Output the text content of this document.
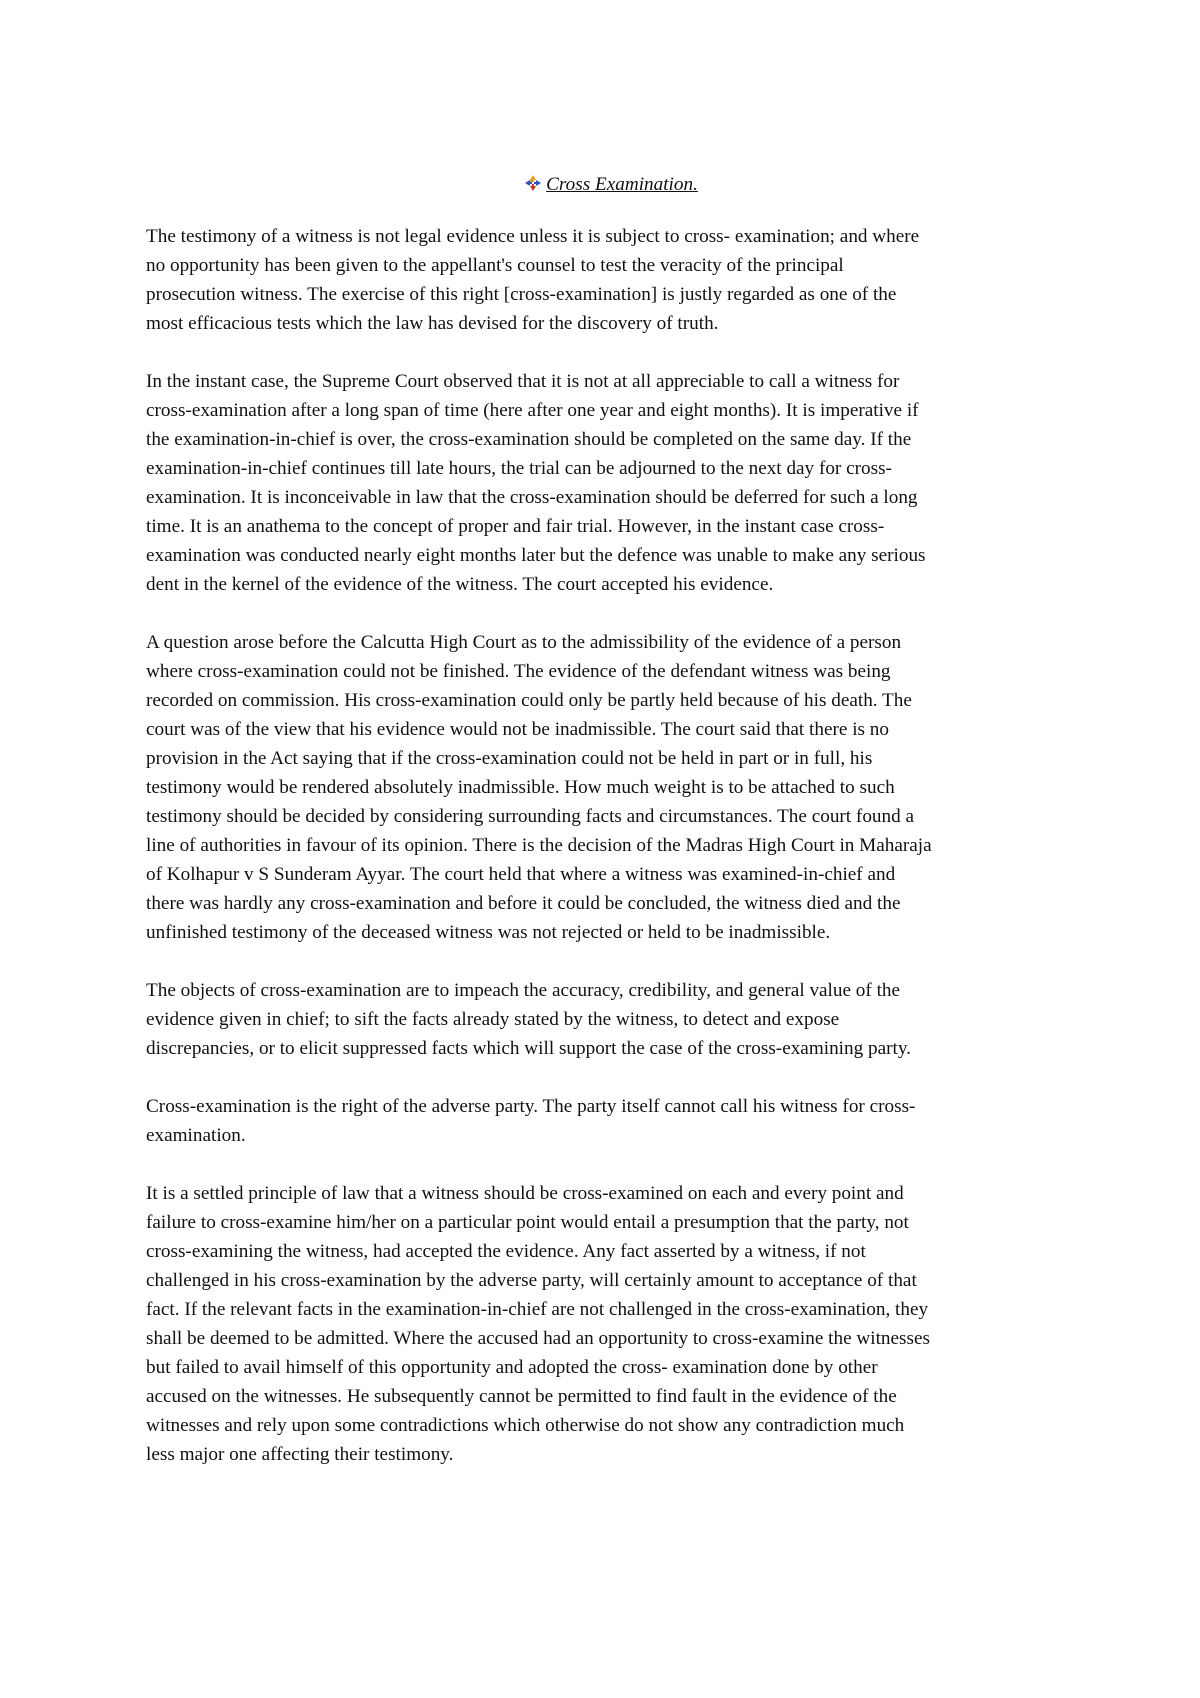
Cross Examination.
The testimony of a witness is not legal evidence unless it is subject to cross- examination; and where
no opportunity has been given to the appellant's counsel to test the veracity of the principal
prosecution witness. The exercise of this right [cross-examination] is justly regarded as one of the
most efficacious tests which the law has devised for the discovery of truth.
In the instant case, the Supreme Court observed that it is not at all appreciable to call a witness for
cross-examination after a long span of time (here after one year and eight months). It is imperative if
the examination-in-chief is over, the cross-examination should be completed on the same day. If the
examination-in-chief continues till late hours, the trial can be adjourned to the next day for cross-
examination. It is inconceivable in law that the cross-examination should be deferred for such a long
time. It is an anathema to the concept of proper and fair trial. However, in the instant case cross-
examination was conducted nearly eight months later but the defence was unable to make any serious
dent in the kernel of the evidence of the witness. The court accepted his evidence.
A question arose before the Calcutta High Court as to the admissibility of the evidence of a person
where cross-examination could not be finished. The evidence of the defendant witness was being
recorded on commission. His cross-examination could only be partly held because of his death. The
court was of the view that his evidence would not be inadmissible. The court said that there is no
provision in the Act saying that if the cross-examination could not be held in part or in full, his
testimony would be rendered absolutely inadmissible. How much weight is to be attached to such
testimony should be decided by considering surrounding facts and circumstances. The court found a
line of authorities in favour of its opinion. There is the decision of the Madras High Court in Maharaja
of Kolhapur v S Sunderam Ayyar. The court held that where a witness was examined-in-chief and
there was hardly any cross-examination and before it could be concluded, the witness died and the
unfinished testimony of the deceased witness was not rejected or held to be inadmissible.
The objects of cross-examination are to impeach the accuracy, credibility, and general value of the
evidence given in chief; to sift the facts already stated by the witness, to detect and expose
discrepancies, or to elicit suppressed facts which will support the case of the cross-examining party.
Cross-examination is the right of the adverse party. The party itself cannot call his witness for cross-
examination.
It is a settled principle of law that a witness should be cross-examined on each and every point and
failure to cross-examine him/her on a particular point would entail a presumption that the party, not
cross-examining the witness, had accepted the evidence. Any fact asserted by a witness, if not
challenged in his cross-examination by the adverse party, will certainly amount to acceptance of that
fact. If the relevant facts in the examination-in-chief are not challenged in the cross-examination, they
shall be deemed to be admitted. Where the accused had an opportunity to cross-examine the witnesses
but failed to avail himself of this opportunity and adopted the cross- examination done by other
accused on the witnesses. He subsequently cannot be permitted to find fault in the evidence of the
witnesses and rely upon some contradictions which otherwise do not show any contradiction much
less major one affecting their testimony.
